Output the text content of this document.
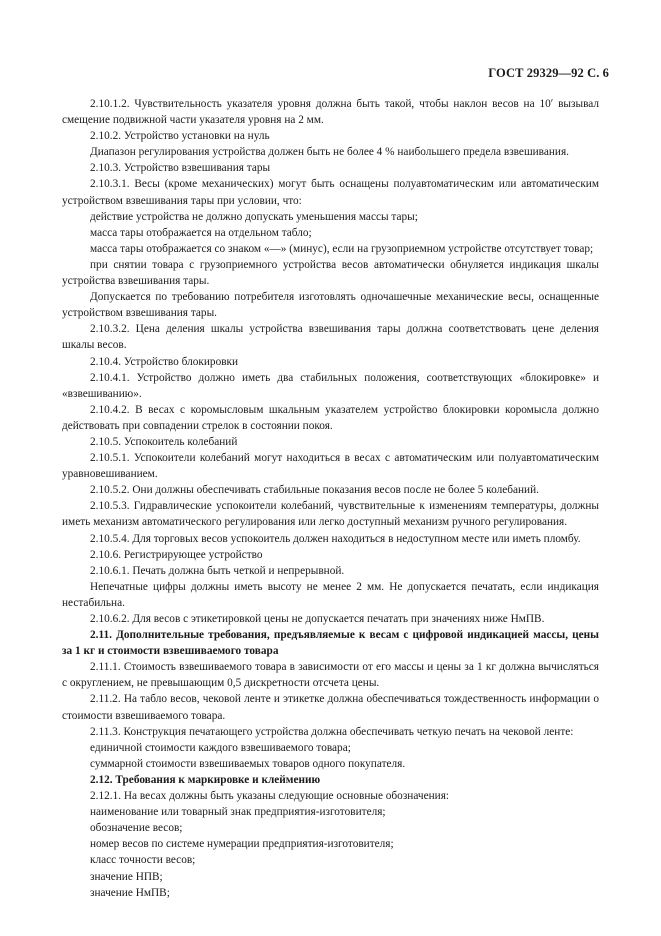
ГОСТ 29329—92 С. 6

2.10.1.2. Чувствительность указателя уровня должна быть такой, чтобы наклон весов на 10ʹ вызывал смещение подвижной части указателя уровня на 2 мм.

2.10.2. Устройство установки на нуль

Диапазон регулирования устройства должен быть не более 4 % наибольшего предела взвешивания.

2.10.3. Устройство взвешивания тары

2.10.3.1. Весы (кроме механических) могут быть оснащены полуавтоматическим или автоматическим устройством взвешивания тары при условии, что:

действие устройства не должно допускать уменьшения массы тары;

масса тары отображается на отдельном табло;

масса тары отображается со знаком «—» (минус), если на грузоприемном устройстве отсутствует товар;

при снятии товара с грузоприемного устройства весов автоматически обнуляется индикация шкалы устройства взвешивания тары.

Допускается по требованию потребителя изготовлять одночашечные механические весы, оснащенные устройством взвешивания тары.

2.10.3.2. Цена деления шкалы устройства взвешивания тары должна соответствовать цене деления шкалы весов.

2.10.4. Устройство блокировки

2.10.4.1. Устройство должно иметь два стабильных положения, соответствующих «блокировке» и «взвешиванию».

2.10.4.2. В весах с коромысловым шкальным указателем устройство блокировки коромысла должно действовать при совпадении стрелок в состоянии покоя.

2.10.5. Успокоитель колебаний

2.10.5.1. Успокоители колебаний могут находиться в весах с автоматическим или полуавтоматическим уравновешиванием.

2.10.5.2. Они должны обеспечивать стабильные показания весов после не более 5 колебаний.

2.10.5.3. Гидравлические успокоители колебаний, чувствительные к изменениям температуры, должны иметь механизм автоматического регулирования или легко доступный механизм ручного регулирования.

2.10.5.4. Для торговых весов успокоитель должен находиться в недоступном месте или иметь пломбу.

2.10.6. Регистрирующее устройство

2.10.6.1. Печать должна быть четкой и непрерывной.

Непечатные цифры должны иметь высоту не менее 2 мм. Не допускается печатать, если индикация нестабильна.

2.10.6.2. Для весов с этикетировкой цены не допускается печатать при значениях ниже НмПВ.

2.11. Дополнительные требования, предъявляемые к весам с цифровой индикацией массы, цены за 1 кг и стоимости взвешиваемого товара

2.11.1. Стоимость взвешиваемого товара в зависимости от его массы и цены за 1 кг должна вычисляться с округлением, не превышающим 0,5 дискретности отсчета цены.

2.11.2. На табло весов, чековой ленте и этикетке должна обеспечиваться тождественность информации о стоимости взвешиваемого товара.

2.11.3. Конструкция печатающего устройства должна обеспечивать четкую печать на чековой ленте:

единичной стоимости каждого взвешиваемого товара;

суммарной стоимости взвешиваемых товаров одного покупателя.

2.12. Требования к маркировке и клеймению

2.12.1. На весах должны быть указаны следующие основные обозначения:

наименование или товарный знак предприятия-изготовителя;

обозначение весов;

номер весов по системе нумерации предприятия-изготовителя;

класс точности весов;

значение НПВ;

значение НмПВ;
